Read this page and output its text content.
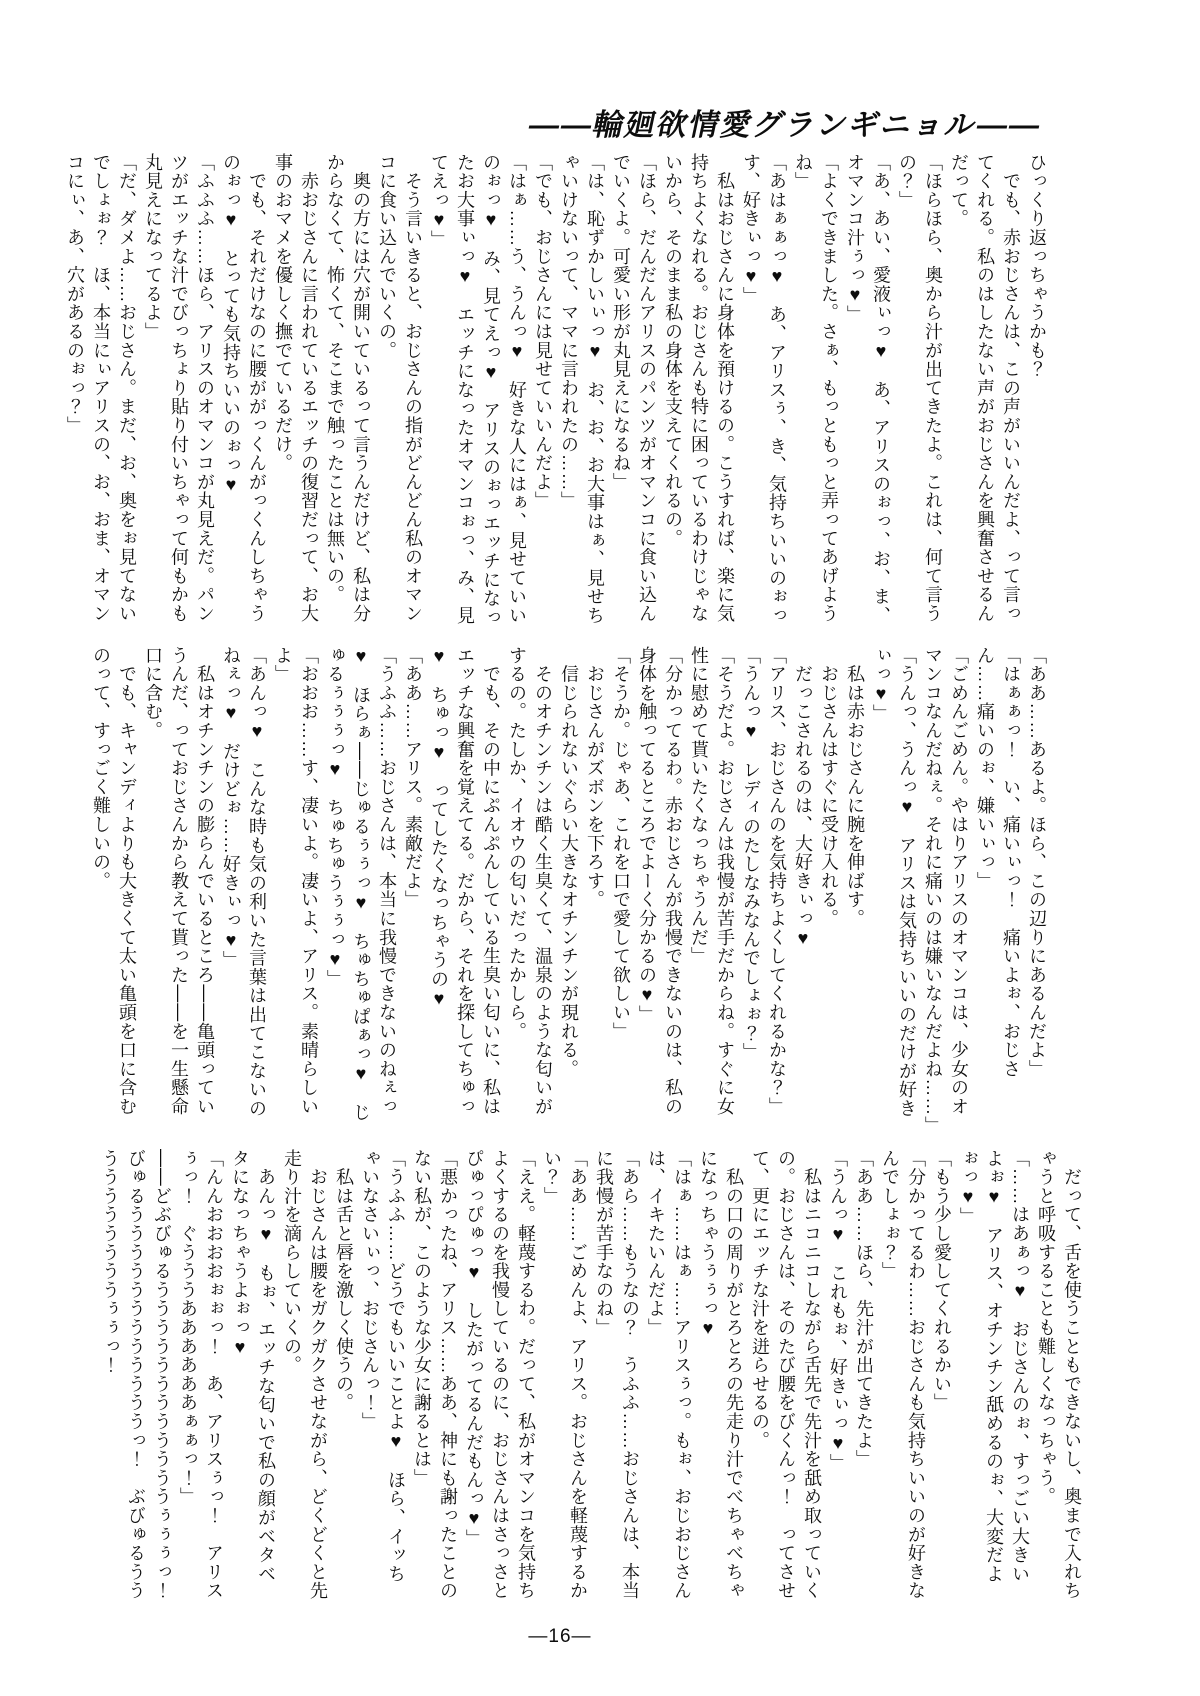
――輪廻欲情愛グランギニョル――

ひっくり返っちゃうかも？

　でも、赤おじさんは、この声がいいんだよ、って言ってくれる。私のはしたない声がおじさんを興奮させるんだって。

「ほらほら、奥から汁が出てきたよ。これは、何て言うの？」

「あ、あい、愛液ぃっ♥　あ、アリスのぉっ、お、ま、オマンコ汁ぅっ♥」

「よくできました。さぁ、もっともっと弄ってあげようね」

「あはぁぁっ♥　あ、アリスぅ、き、気持ちいいのぉっす、好きぃっ♥」

　私はおじさんに身体を預けるの。こうすれば、楽に気持ちよくなれる。おじさんも特に困っているわけじゃないから、そのまま私の身体を支えてくれるの。

「ほら、だんだんアリスのパンツがオマンコに食い込んでいくよ。可愛い形が丸見えになるね」

「は、恥ずかしいぃっ♥　お、お、お大事はぁ、見せちゃいけないって、ママに言われたの……」

「でも、おじさんには見せていいんだよ」

「はぁ……う、うんっ♥　好きな人にはぁ、見せていいのぉっ♥　み、見てえっ♥　アリスのぉっエッチになったお大事ぃっ♥　エッチになったオマンコぉっ、み、見てえっ♥」

　そう言いきると、おじさんの指がどんどん私のオマンコに食い込んでいくの。

　奥の方には穴が開いているって言うんだけど、私は分からなくて、怖くて、そこまで触ったことは無いの。

　赤おじさんに言われているエッチの復習だって、お大事のおマメを優しく撫でているだけ。

　でも、それだけなのに腰ががっくんがっくんしちゃうのぉっ♥　とっても気持ちいいのぉっ♥

「ふふふ……ほら、アリスのオマンコが丸見えだ。パンツがエッチな汁でびっちょり貼り付いちゃって何もかも丸見えになってるよ」

「だ、ダメよ……おじさん。まだ、お、奥をぉ見てないでしょぉ？　ほ、本当にぃアリスの、お、おま、オマンコにぃ、あ、穴があるのぉっ？」

「ああ……あるよ。ほら、この辺りにあるんだよ」

「はぁぁっ！　い、痛いぃっ！　痛いよぉ、おじさん……痛いのぉ、嫌いぃっ」

「ごめんごめん。やはりアリスのオマンコは、少女のオマンコなんだねぇ。それに痛いのは嫌いなんだよね……」

「うんっ、うんっ♥　アリスは気持ちいいのだけが好きぃっ♥」

　私は赤おじさんに腕を伸ばす。

　おじさんはすぐに受け入れる。

　だっこされるのは、大好きぃっ♥

「アリス、おじさんのを気持ちよくしてくれるかな？」

「うんっ♥　レディのたしなみなんでしょぉ？」

「そうだよ。おじさんは我慢が苦手だからね。すぐに女性に慰めて貰いたくなっちゃうんだ」

「分かってるわ。赤おじさんが我慢できないのは、私の身体を触ってるところでよーく分かるの♥」

「そうか。じゃあ、これを口で愛して欲しい」

　おじさんがズボンを下ろす。

　信じられないぐらい大きなオチンチンが現れる。

　そのオチンチンは酷く生臭くて、温泉のような匂いがするの。たしか、イオウの匂いだったかしら。

　でも、その中にぷんぷんしている生臭い匂いに、私はエッチな興奮を覚えてる。だから、それを探してちゅっ♥　ちゅっ♥　ってしたくなっちゃうの♥

「ああ……アリス。素敵だよ」

「うふふ……おじさんは、本当に我慢できないのねぇっ♥　ほらぁ――じゅるぅぅっ♥　ちゅちゅぱぁっ♥　じゅるぅぅぅっ♥　ちゅちゅうぅぅっ♥」

「おおお……す、凄いよ。凄いよ、アリス。素晴らしいよ」

「あんっ♥　こんな時も気の利いた言葉は出てこないのねぇっ♥　だけどぉ……好きぃっ♥」

　私はオチンチンの膨らんでいるところ――亀頭っていうんだ、っておじさんから教えて貰った――を一生懸命口に含む。

　でも、キャンディよりも大きくて太い亀頭を口に含むのって、すっごく難しいの。

　だって、舌を使うこともできないし、奥まで入れちゃうと呼吸することも難しくなっちゃう。

「……はあぁっ♥　おじさんのぉ、すっごい大きいよぉ♥　アリス、オチンチン舐めるのぉ、大変だよぉっ♥」

「もう少し愛してくれるかい」

「分かってるわ……おじさんも気持ちいいのが好きなんでしょぉ？」

「ああ……ほら、先汁が出てきたよ」

「うんっ♥　これもぉ、好きぃっ♥」

　私はニコニコしながら舌先で先汁を舐め取っていくの。おじさんは、そのたび腰をびくんっ！　ってさせて、更にエッチな汁を迸らせるの。

　私の口の周りがとろとろの先走り汁でべちゃべちゃになっちゃうぅぅっ♥

「はぁ……はぁ……アリスぅっ。もぉ、おじおじさんは、イキたいんだよ」

「あら……もうなの？　うふふ……おじさんは、本当に我慢が苦手なのね」

「ああ……ごめんよ、アリス。おじさんを軽蔑するかい？」

「ええ。軽蔑するわ。だって、私がオマンコを気持ちよくするのを我慢しているのに、おじさんはさっさとぴゅっぴゅっ♥　したがってるんだもんっ♥」

「悪かったね、アリス……ああ、神にも謝ったことのない私が、このような少女に謝るとは」

「うふふ……どうでもいいことよ♥　ほら、イッちゃいなさいぃっ、おじさんっ！」

　私は舌と唇を激しく使うの。

　おじさんは腰をガクガクさせながら、どくどくと先走り汁を滴らしていくの。

　あんっ♥　もぉ、エッチな匂いで私の顔がベタベタになっちゃうよぉっ♥

「んんおおおおぉぉっ！　あ、アリスぅっ！　アリスぅっ！　ぐうううああああああぁぁっ！」

――どぶびゅるううううううううううううぅぅぅっ！　びゅるううううううううううううっ！　ぶびゅるううううううううううぅぅっ！

―16―
